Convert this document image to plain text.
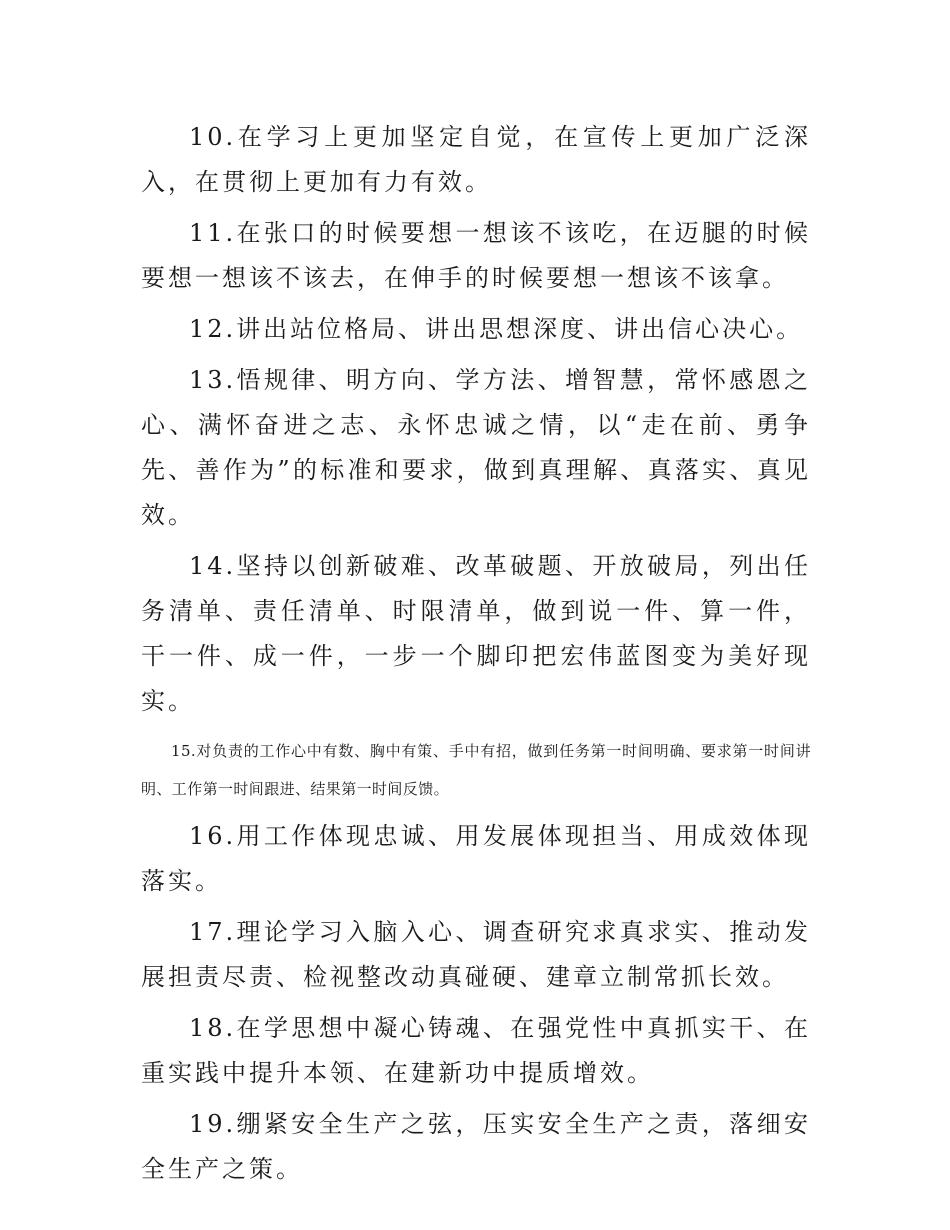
10.在学习上更加坚定自觉，在宣传上更加广泛深入，在贯彻上更加有力有效。

11.在张口的时候要想一想该不该吃，在迈腿的时候要想一想该不该去，在伸手的时候要想一想该不该拿。

12.讲出站位格局、讲出思想深度、讲出信心决心。

13.悟规律、明方向、学方法、增智慧，常怀感恩之心、满怀奋进之志、永怀忠诚之情，以“走在前、勇争先、善作为”的标准和要求，做到真理解、真落实、真见效。

14.坚持以创新破难、改革破题、开放破局，列出任务清单、责任清单、时限清单，做到说一件、算一件，干一件、成一件，一步一个脚印把宏伟蓝图变为美好现实。

15.对负责的工作心中有数、胸中有策、手中有招，做到任务第一时间明确、要求第一时间讲明、工作第一时间跟进、结果第一时间反馈。

16.用工作体现忠诚、用发展体现担当、用成效体现落实。

17.理论学习入脑入心、调查研究求真求实、推动发展担责尽责、检视整改动真碰硬、建章立制常抓长效。

18.在学思想中凝心铸魂、在强党性中真抓实干、在重实践中提升本领、在建新功中提质增效。

19.绷紧安全生产之弦，压实安全生产之责，落细安全生产之策。
